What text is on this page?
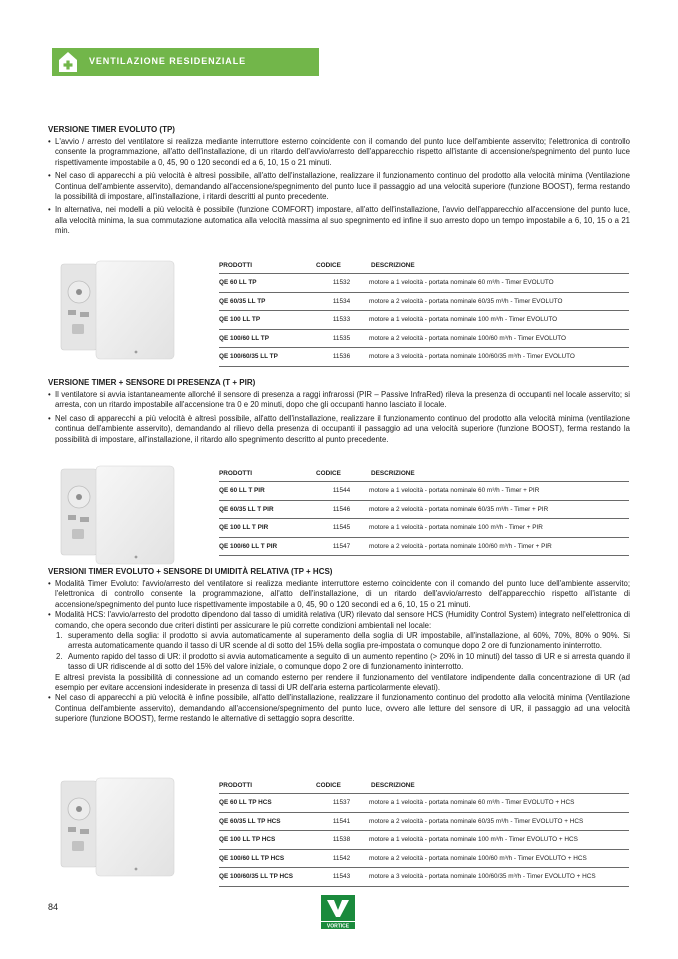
VENTILAZIONE RESIDENZIALE
VERSIONE TIMER EVOLUTO (TP)
• L'avvio / arresto del ventilatore si realizza mediante interruttore esterno coincidente con il comando del punto luce dell'ambiente asservito; l'elettronica di controllo consente la programmazione, all'atto dell'installazione, di un ritardo dell'avvio/arresto dell'apparecchio rispetto all'istante di accensione/spegnimento del punto luce rispettivamente impostabile a 0, 45, 90 o 120 secondi ed a 6, 10, 15 o 21 minuti.
• Nel caso di apparecchi a più velocità è altresì possibile, all'atto dell'installazione, realizzare il funzionamento continuo del prodotto alla velocità minima (Ventilazione Continua dell'ambiente asservito), demandando all'accensione/spegnimento del punto luce il passaggio ad una velocità superiore (funzione BOOST), ferma restando la possibilità di impostare, all'installazione, i ritardi descritti al punto precedente.
• In alternativa, nei modelli a più velocità è possibile (funzione COMFORT) impostare, all'atto dell'installazione, l'avvio dell'apparecchio all'accensione del punto luce, alla velocità minima, la sua commutazione automatica alla velocità massima al suo spegnimento ed infine il suo arresto dopo un tempo impostabile a 6, 10, 15 o a 21 min.
PRODOTTI	CODICE	DESCRIZIONE
QE 60 LL TP	11532	motore a 1 velocità - portata nominale 60 m³/h - Timer EVOLUTO
QE 60/35 LL TP	11534	motore a 2 velocità - portata nominale 60/35 m³/h - Timer EVOLUTO
QE 100 LL TP	11533	motore a 1 velocità - portata nominale 100 m³/h - Timer EVOLUTO
QE 100/60 LL TP	11535	motore a 2 velocità - portata nominale 100/60 m³/h - Timer EVOLUTO
QE 100/60/35 LL TP	11536	motore a 3 velocità - portata nominale 100/60/35 m³/h - Timer EVOLUTO
VERSIONE TIMER + SENSORE DI PRESENZA (T + PIR)
• Il ventilatore si avvia istantaneamente allorché il sensore di presenza a raggi infrarossi (PIR – Passive InfraRed) rileva la presenza di occupanti nel locale asservito; si arresta, con un ritardo impostabile all'accensione tra 0 e 20 minuti, dopo che gli occupanti hanno lasciato il locale.
• Nel caso di apparecchi a più velocità è altresì possibile, all'atto dell'installazione, realizzare il funzionamento continuo del prodotto alla velocità minima (ventilazione continua dell'ambiente asservito), demandando al rilievo della presenza di occupanti il passaggio ad una velocità superiore (funzione BOOST), ferma restando la possibilità di impostare, all'installazione, il ritardo allo spegnimento descritto al punto precedente.
PRODOTTI	CODICE	DESCRIZIONE
QE 60 LL T PIR	11544	motore a 1 velocità - portata nominale 60 m³/h - Timer + PIR
QE 60/35 LL T PIR	11546	motore a 2 velocità - portata nominale 60/35 m³/h - Timer + PIR
QE 100 LL T PIR	11545	motore a 1 velocità - portata nominale 100 m³/h - Timer + PIR
QE 100/60 LL T PIR	11547	motore a 2 velocità - portata nominale 100/60 m³/h - Timer + PIR
VERSIONI TIMER EVOLUTO + SENSORE DI UMIDITÀ RELATIVA (TP + HCS)
• Modalità Timer Evoluto: l'avvio/arresto del ventilatore si realizza mediante interruttore esterno coincidente con il comando del punto luce dell'ambiente asservito; l'elettronica di controllo consente la programmazione, all'atto dell'installazione, di un ritardo dell'avvio/arresto dell'apparecchio rispetto all'istante di accensione/spegnimento del punto luce rispettivamente impostabile a 0, 45, 90 o 120 secondi ed a 6, 10, 15 o 21 minuti.
• Modalità HCS: l'avvio/arresto del prodotto dipendono dal tasso di umidità relativa (UR) rilevato dal sensore HCS (Humidity Control System) integrato nell'elettronica di comando, che opera secondo due criteri distinti per assicurare le più corrette condizioni ambientali nel locale:
1. superamento della soglia: il prodotto si avvia automaticamente al superamento della soglia di UR impostabile, all'installazione, al 60%, 70%, 80% o 90%. Si arresta automaticamente quando il tasso di UR scende al di sotto del 15% della soglia pre-impostata o comunque dopo 2 ore di funzionamento ininterrotto.
2. Aumento rapido del tasso di UR: il prodotto si avvia automaticamente a seguito di un aumento repentino (> 20% in 10 minuti) del tasso di UR e si arresta quando il tasso di UR ridiscende al di sotto del 15% del valore iniziale, o comunque dopo 2 ore di funzionamento ininterrotto.
E altresì prevista la possibilità di connessione ad un comando esterno per rendere il funzionamento del ventilatore indipendente dalla concentrazione di UR (ad esempio per evitare accensioni indesiderate in presenza di tassi di UR dell'aria esterna particolarmente elevati).
• Nel caso di apparecchi a più velocità è infine possibile, all'atto dell'installazione, realizzare il funzionamento continuo del prodotto alla velocità minima (Ventilazione Continua dell'ambiente asservito), demandando all'accensione/spegnimento del punto luce, ovvero alle letture del sensore di UR, il passaggio ad una velocità superiore (funzione BOOST), ferme restando le alternative di settaggio sopra descritte.
PRODOTTI	CODICE	DESCRIZIONE
QE 60 LL TP HCS	11537	motore a 1 velocità - portata nominale 60 m³/h - Timer EVOLUTO + HCS
QE 60/35 LL TP HCS	11541	motore a 2 velocità - portata nominale 60/35 m³/h - Timer EVOLUTO + HCS
QE 100 LL TP HCS	11538	motore a 1 velocità - portata nominale 100 m³/h - Timer EVOLUTO + HCS
QE 100/60 LL TP HCS	11542	motore a 2 velocità - portata nominale 100/60 m³/h - Timer EVOLUTO + HCS
QE 100/60/35 LL TP HCS	11543	motore a 3 velocità - portata nominale 100/60/35 m³/h - Timer EVOLUTO + HCS
84
VORTICE
